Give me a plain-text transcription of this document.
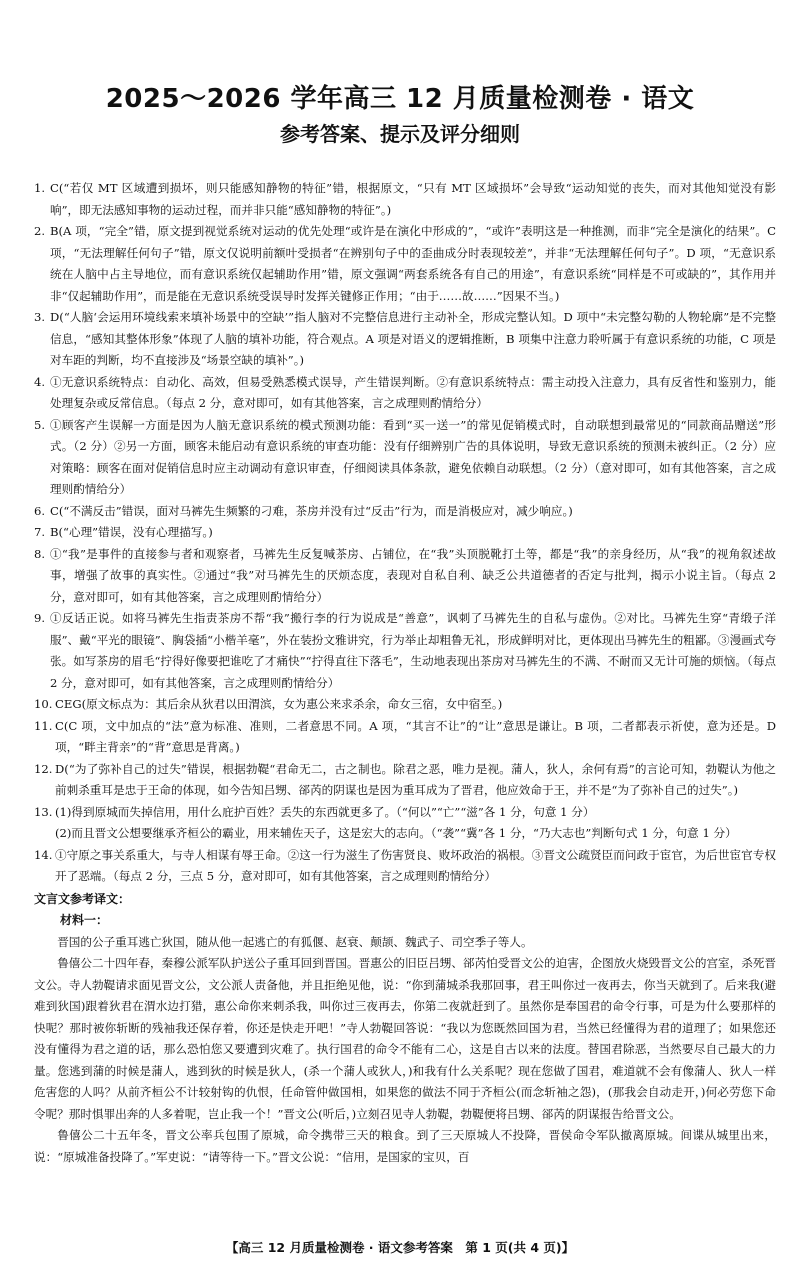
2025～2026 学年高三 12 月质量检测卷 · 语文
参考答案、提示及评分细则
1. C(“若仅 MT 区域遭到损坏，则只能感知静物的特征”错，根据原文，“只有 MT 区域损坏”会导致“运动知觉的丧失，而对其他知觉没有影响”，即无法感知事物的运动过程，而并非只能“感知静物的特征”。)
2. B(A 项，“完全”错，原文提到视觉系统对运动的优先处理“或许是在演化中形成的”，“或许”表明这是一种推测，而非“完全是演化的结果”。C 项，“无法理解任何句子”错，原文仅说明前额叶受损者“在辨别句子中的歪曲成分时表现较差”，并非“无法理解任何句子”。D 项，“无意识系统在人脑中占主导地位，而有意识系统仅起辅助作用”错，原文强调“两套系统各有自己的用途”，有意识系统“同样是不可或缺的”，其作用并非“仅起辅助作用”，而是能在无意识系统受误导时发挥关键修正作用；“由于……故……”因果不当。)
3. D(“人脑‘会运用环境线索来填补场景中的空缺’”指人脑对不完整信息进行主动补全，形成完整认知。D 项中“未完整勾勒的人物轮廓”是不完整信息，“感知其整体形象”体现了人脑的填补功能，符合观点。A 项是对语义的逻辑推断，B 项集中注意力聆听属于有意识系统的功能，C 项是对车距的判断，均不直接涉及“场景空缺的填补”。)
4. ①无意识系统特点：自动化、高效，但易受熟悉模式误导，产生错误判断。②有意识系统特点：需主动投入注意力，具有反省性和鉴别力，能处理复杂或反常信息。（每点 2 分，意对即可，如有其他答案，言之成理则酌情给分）
5. ①顾客产生误解一方面是因为人脑无意识系统的模式预测功能：看到“买一送一”的常见促销模式时，自动联想到最常见的“同款商品赠送”形式。（2 分）②另一方面，顾客未能启动有意识系统的审查功能：没有仔细辨别广告的具体说明，导致无意识系统的预测未被纠正。（2 分）应对策略：顾客在面对促销信息时应主动调动有意识审查，仔细阅读具体条款，避免依赖自动联想。（2 分）（意对即可，如有其他答案，言之成理则酌情给分）
6. C(“不满反击”错误，面对马裤先生频繁的刁难，茶房并没有过“反击”行为，而是消极应对，减少响应。)
7. B(“心理”错误，没有心理描写。)
8. ①“我”是事件的直接参与者和观察者，马裤先生反复喊茶房、占铺位，在“我”头顶脱靴打土等，都是“我”的亲身经历，从“我”的视角叙述故事，增强了故事的真实性。②通过“我”对马裤先生的厌烦态度，表现对自私自利、缺乏公共道德者的否定与批判，揭示小说主旨。（每点 2 分，意对即可，如有其他答案，言之成理则酌情给分）
9. ①反话正说。如将马裤先生指责茶房不帮“我”搬行李的行为说成是“善意”，讽刺了马裤先生的自私与虚伪。②对比。马裤先生穿“青缎子洋服”、戴“平光的眼镜”、胸袋插“小楷羊毫”，外在装扮文雅讲究，行为举止却粗鲁无礼，形成鲜明对比，更体现出马裤先生的粗鄙。③漫画式夸张。如写茶房的眉毛“拧得好像要把谁吃了才痛快”“拧得直往下落毛”，生动地表现出茶房对马裤先生的不满、不耐而又无计可施的烦恼。（每点 2 分，意对即可，如有其他答案，言之成理则酌情给分）
10. CEG(原文标点为：其后余从狄君以田渭滨，女为惠公来求杀余，命女三宿，女中宿至。)
11. C(C 项，文中加点的“法”意为标准、准则，二者意思不同。A 项，“其言不让”的“让”意思是谦让。B 项，二者都表示祈使，意为还是。D 项，“畔主背亲”的“背”意思是背离。)
12. D(“为了弥补自己的过失”错误，根据勃鞮“君命无二，古之制也。除君之恶，唯力是视。蒲人，狄人，余何有焉”的言论可知，勃鞮认为他之前刺杀重耳是忠于王命的体现，如今告知吕甥、郤芮的阴谋也是因为重耳成为了晋君，他应效命于王，并不是“为了弥补自己的过失”。)
13. (1)得到原城而失掉信用，用什么庇护百姓？丢失的东西就更多了。（“何以”“亡”“滋”各 1 分，句意 1 分）
(2)而且晋文公想要继承齐桓公的霸业，用来辅佐天子，这是宏大的志向。（“袭”“冀”各 1 分，“乃大志也”判断句式 1 分，句意 1 分）
14. ①守原之事关系重大，与寺人相谋有辱王命。②这一行为滋生了伤害贤良、败坏政治的祸根。③晋文公疏贤臣而问政于宦官，为后世宦官专权开了恶端。（每点 2 分，三点 5 分，意对即可，如有其他答案，言之成理则酌情给分）
文言文参考译文：
材料一：
晋国的公子重耳逃亡狄国，随从他一起逃亡的有狐偃、赵衰、颠颉、魏武子、司空季子等人。
鲁僖公二十四年春，秦穆公派军队护送公子重耳回到晋国。晋惠公的旧臣吕甥、郤芮怕受晋文公的迫害，企图放火烧毁晋文公的宫室，杀死晋文公。寺人勃鞮请求面见晋文公，文公派人责备他，并且拒绝见他，说：“你到蒲城杀我那回事，君王叫你过一夜再去，你当天就到了。后来我(避难到狄国)跟着狄君在渭水边打猎，惠公命你来刺杀我，叫你过三夜再去，你第二夜就赶到了。虽然你是奉国君的命令行事，可是为什么要那样的快呢？那时被你斩断的残袖我还保存着，你还是快走开吧！”寺人勃鞮回答说：“我以为您既然回国为君，当然已经懂得为君的道理了；如果您还没有懂得为君之道的话，那么恐怕您又要遭到灾难了。执行国君的命令不能有二心，这是自古以来的法度。替国君除恶，当然要尽自己最大的力量。您逃到蒲的时候是蒲人，逃到狄的时候是狄人，(杀一个蒲人或狄人，)和我有什么关系呢？现在您做了国君，难道就不会有像蒲人、狄人一样危害您的人吗？从前齐桓公不计较射钩的仇恨，任命管仲做国相，如果您的做法不同于齐桓公(而念斩袖之怨)，(那我会自动走开，)何必劳您下命令呢？那时惧罪出奔的人多着呢，岂止我一个！”晋文公(听后，)立刻召见寺人勃鞮，勃鞮便将吕甥、郤芮的阴谋报告给晋文公。
鲁僖公二十五年冬，晋文公率兵包围了原城，命令携带三天的粮食。到了三天原城人不投降，晋侯命令军队撤离原城。间谍从城里出来，说：“原城准备投降了。”军吏说：“请等待一下。”晋文公说：“信用，是国家的宝贝，百
【高三 12 月质量检测卷 · 语文参考答案　第 1 页(共 4 页)】
